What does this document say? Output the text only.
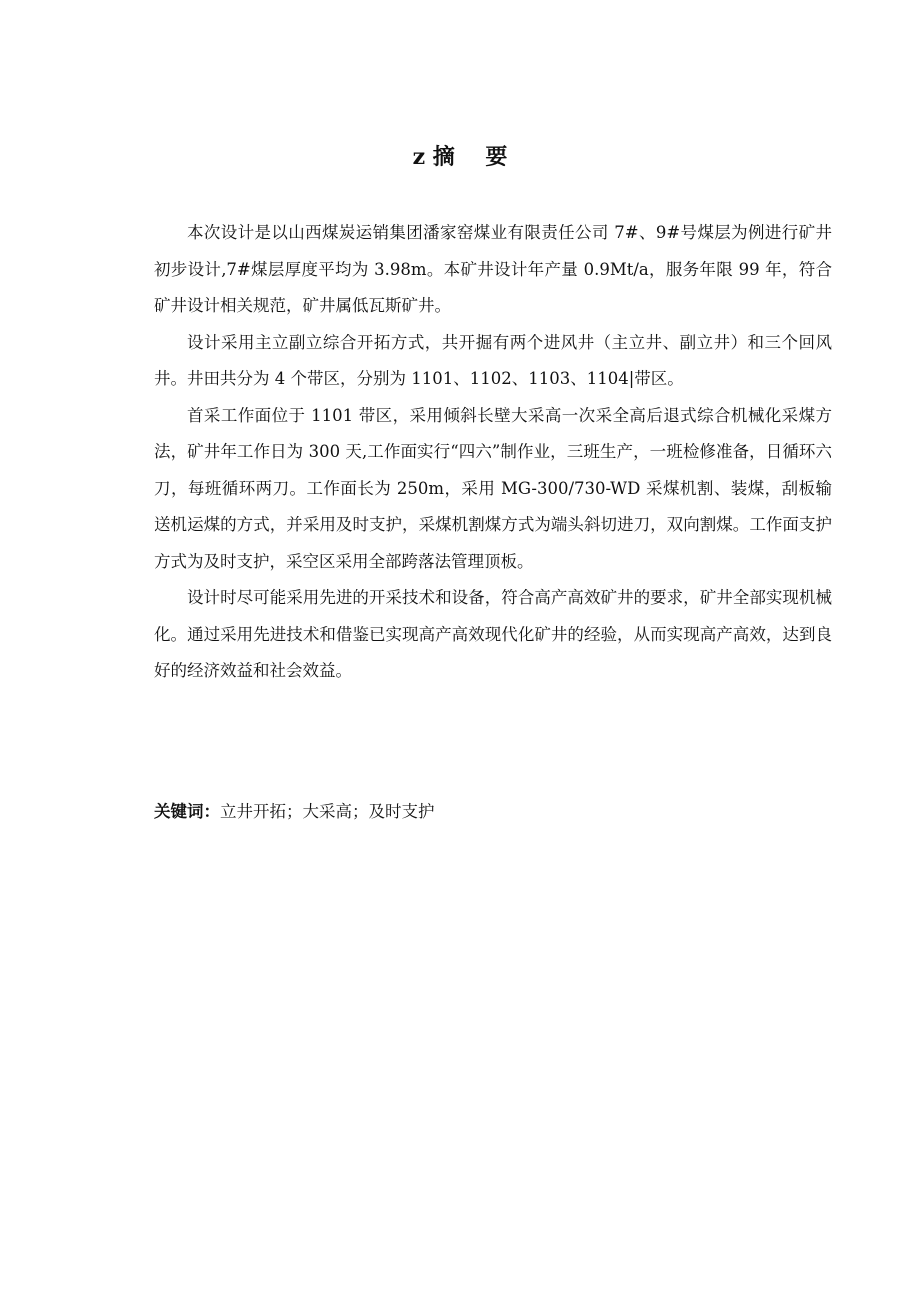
z 摘    要

本次设计是以山西煤炭运销集团潘家窑煤业有限责任公司 7#、9#号煤层为例进行矿井初步设计,7#煤层厚度平均为 3.98m。本矿井设计年产量 0.9Mt/a，服务年限 99 年，符合矿井设计相关规范，矿井属低瓦斯矿井。

设计采用主立副立综合开拓方式，共开掘有两个进风井（主立井、副立井）和三个回风井。井田共分为 4 个带区，分别为 1101、1102、1103、1104|带区。

首采工作面位于 1101 带区，采用倾斜长壁大采高一次采全高后退式综合机械化采煤方法，矿井年工作日为 300 天,工作面实行“四六”制作业，三班生产，一班检修准备，日循环六刀，每班循环两刀。工作面长为 250m，采用 MG-300/730-WD 采煤机割、装煤，刮板输送机运煤的方式，并采用及时支护，采煤机割煤方式为端头斜切进刀，双向割煤。工作面支护方式为及时支护，采空区采用全部跨落法管理顶板。

设计时尽可能采用先进的开采技术和设备，符合高产高效矿井的要求，矿井全部实现机械化。通过采用先进技术和借鉴已实现高产高效现代化矿井的经验，从而实现高产高效，达到良好的经济效益和社会效益。

关键词：立井开拓；大采高；及时支护
